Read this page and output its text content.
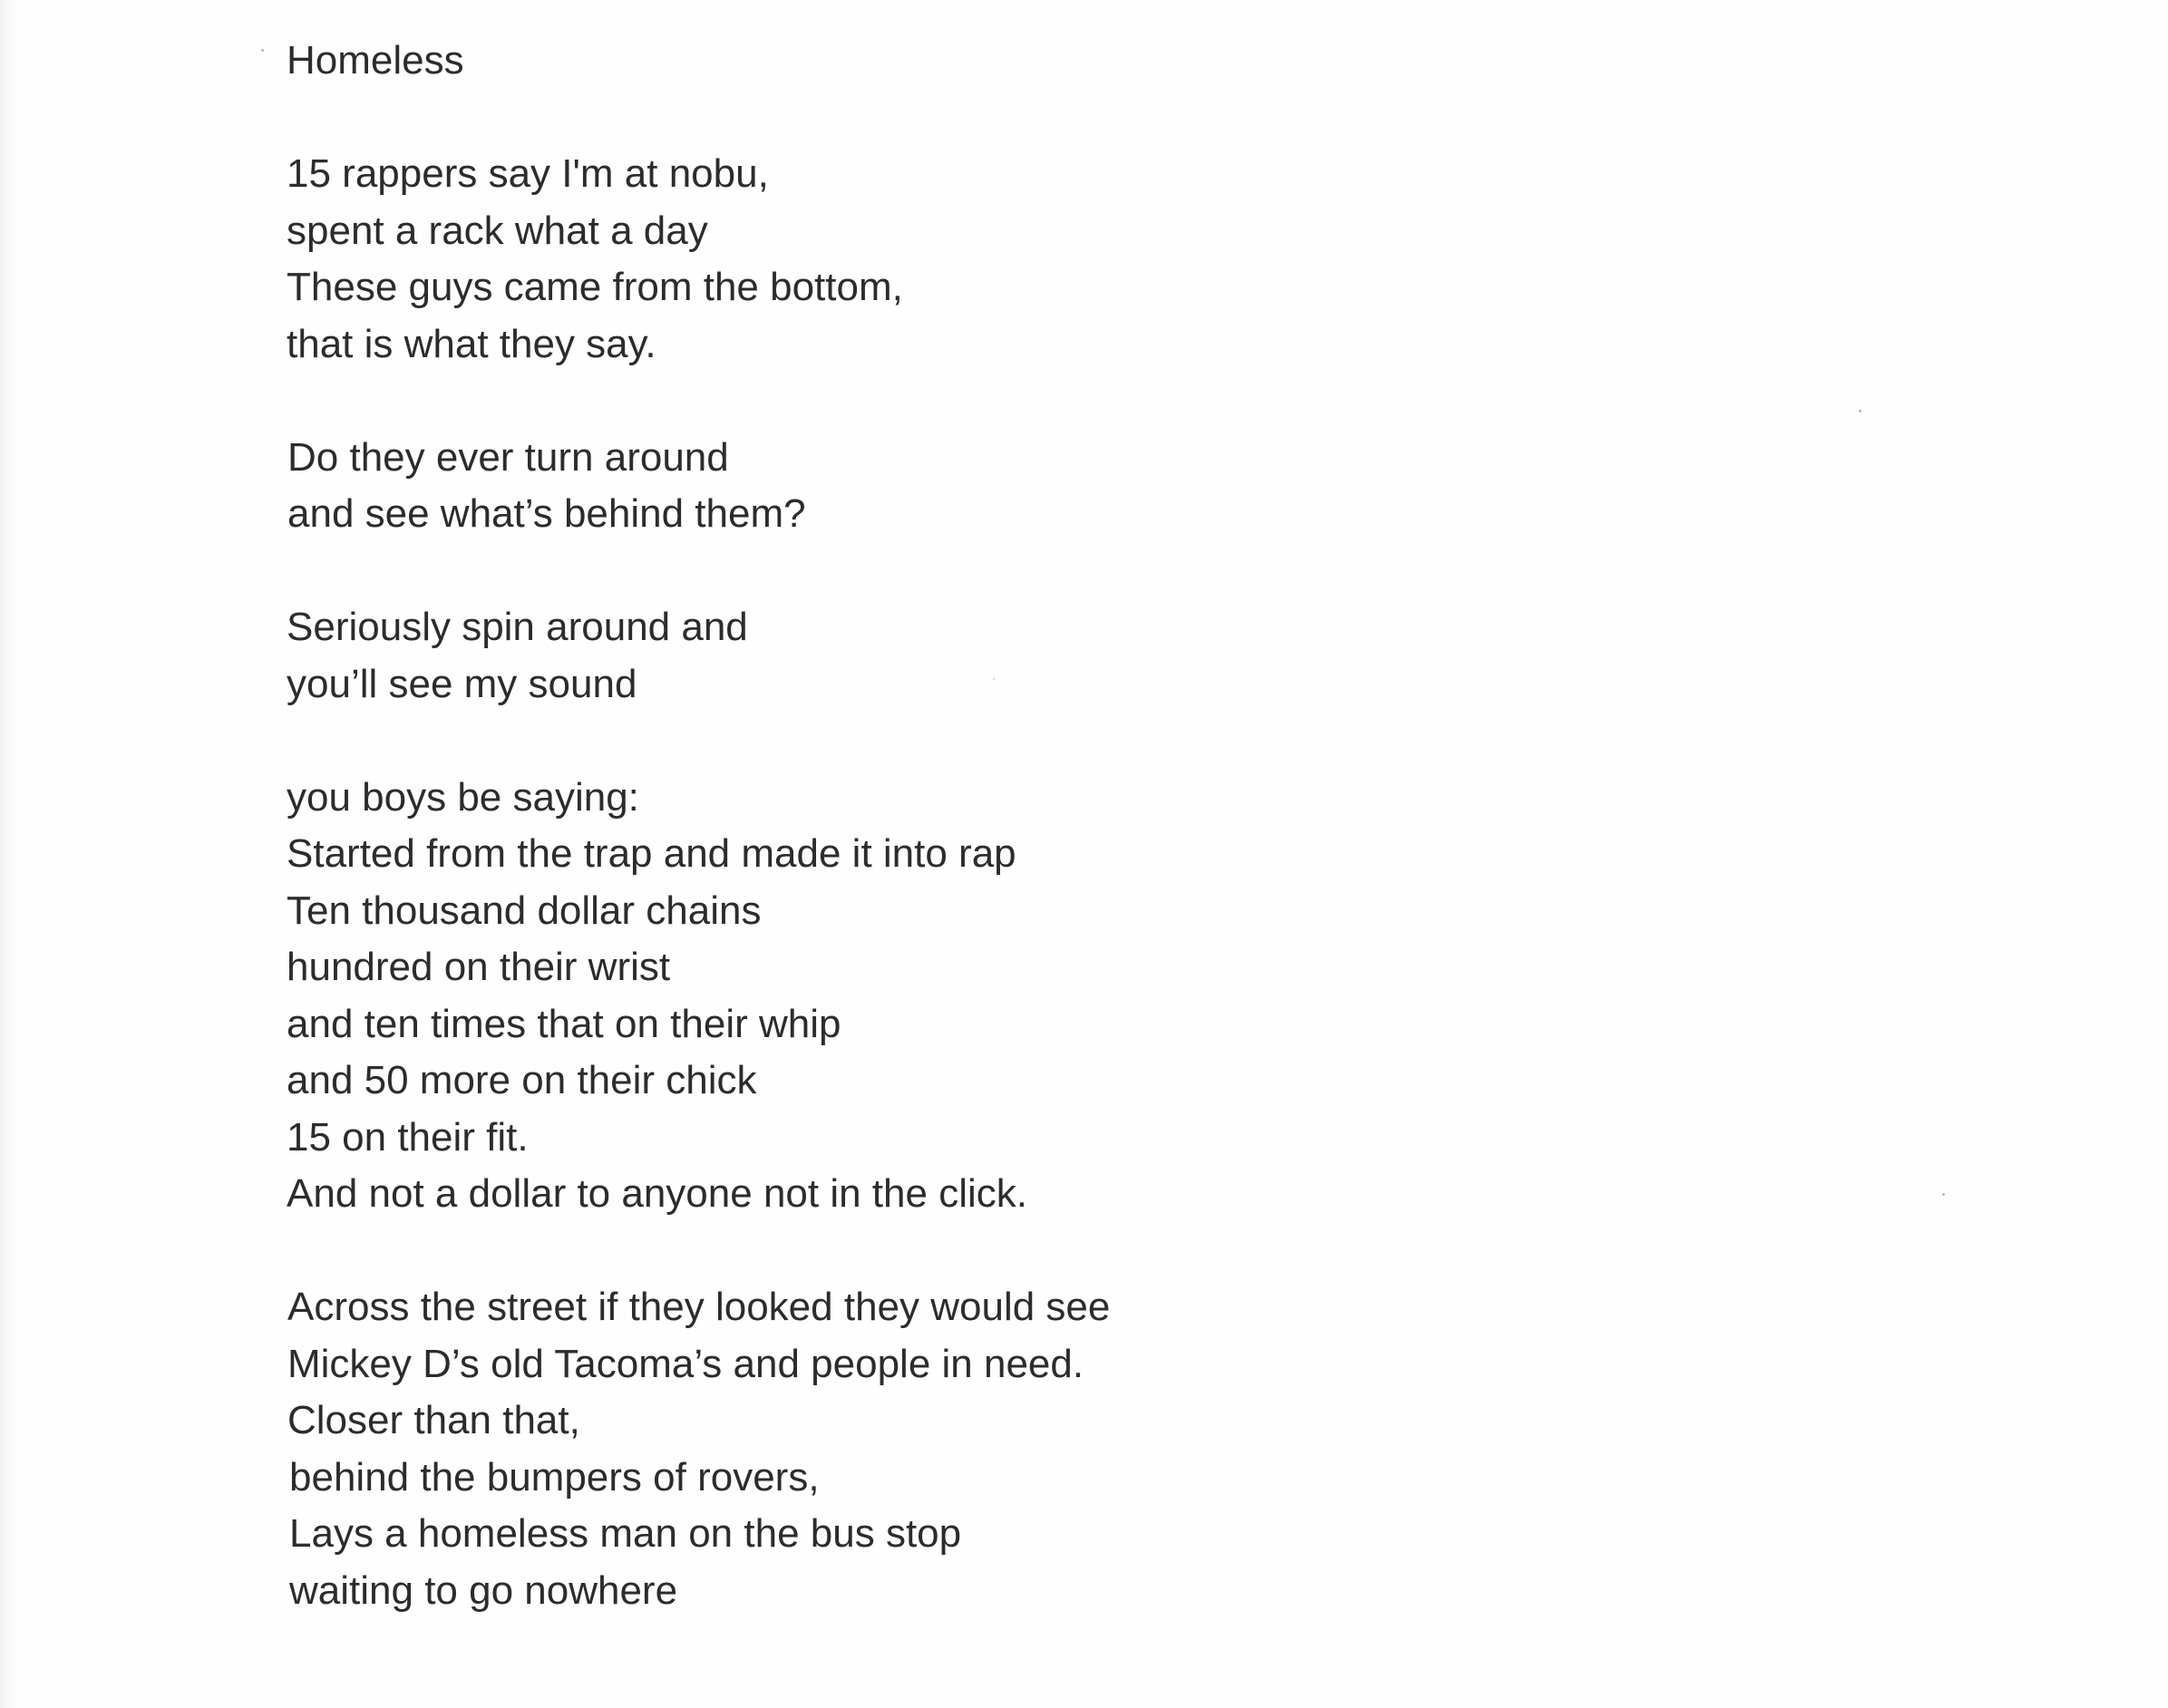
Homeless
15 rappers say I'm at nobu,
spent a rack what a day
These guys came from the bottom,
that is what they say.
Do they ever turn around
and see what’s behind them?
Seriously spin around and
you’ll see my sound
you boys be saying:
Started from the trap and made it into rap
Ten thousand dollar chains
hundred on their wrist
and ten times that on their whip
and 50 more on their chick
15 on their fit.
And not a dollar to anyone not in the click.
Across the street if they looked they would see
Mickey D’s old Tacoma’s and people in need.
Closer than that,
behind the bumpers of rovers,
Lays a homeless man on the bus stop
waiting to go nowhere
